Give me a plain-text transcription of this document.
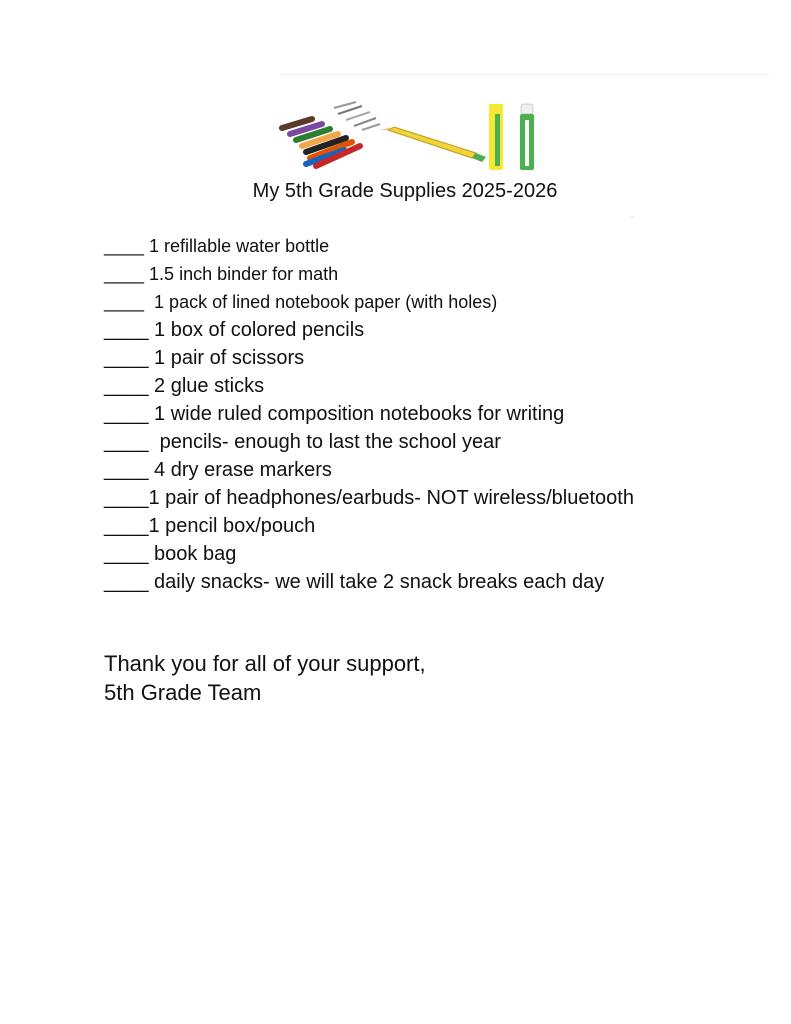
My 5th Grade Supplies 2025-2026
____ 1 refillable water bottle
____ 1.5 inch binder for math
____  1 pack of lined notebook paper (with holes)
____ 1 box of colored pencils
____ 1 pair of scissors
____ 2 glue sticks
____ 1 wide ruled composition notebooks for writing
____  pencils- enough to last the school year
____ 4 dry erase markers
____1 pair of headphones/earbuds- NOT wireless/bluetooth
____1 pencil box/pouch
____ book bag
____ daily snacks- we will take 2 snack breaks each day
Thank you for all of your support,
5th Grade Team
